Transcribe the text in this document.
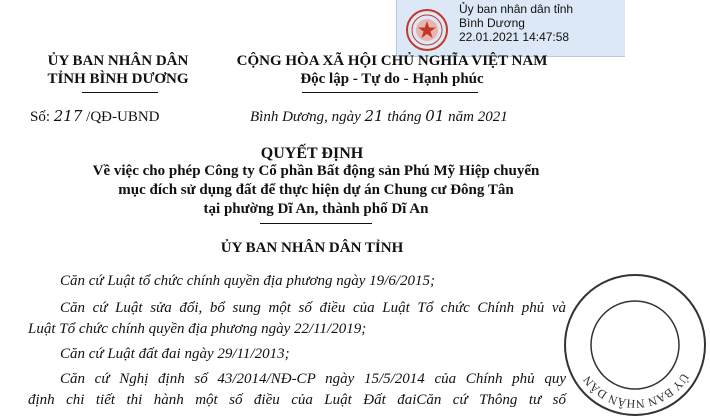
Ủy ban nhân dân tỉnh
Bình Dương
22.01.2021 14:47:58
ỦY BAN NHÂN DÂN
TỈNH BÌNH DƯƠNG
CỘNG HÒA XÃ HỘI CHỦ NGHĨA VIỆT NAM
Độc lập - Tự do - Hạnh phúc
Số: 217 /QĐ-UBND	Bình Dương, ngày 21 tháng 01 năm 2021
QUYẾT ĐỊNH
Về việc cho phép Công ty Cổ phần Bất động sản Phú Mỹ Hiệp chuyển
mục đích sử dụng đất để thực hiện dự án Chung cư Đông Tân
tại phường Dĩ An, thành phố Dĩ An
ỦY BAN NHÂN DÂN TỈNH
Căn cứ Luật tổ chức chính quyền địa phương ngày 19/6/2015;
Căn cứ Luật sửa đổi, bổ sung một số điều của Luật Tổ chức Chính phủ và
Luật Tổ chức chính quyền địa phương ngày 22/11/2019;
Căn cứ Luật đất đai ngày 29/11/2013;
Căn cứ Nghị định số 43/2014/NĐ-CP ngày 15/5/2014 của Chính phủ quy
định chi tiết thi hành một số điều của Luật Đất đaiCăn cứ Thông tư số
ỦY BAN NHÂN DÂN
